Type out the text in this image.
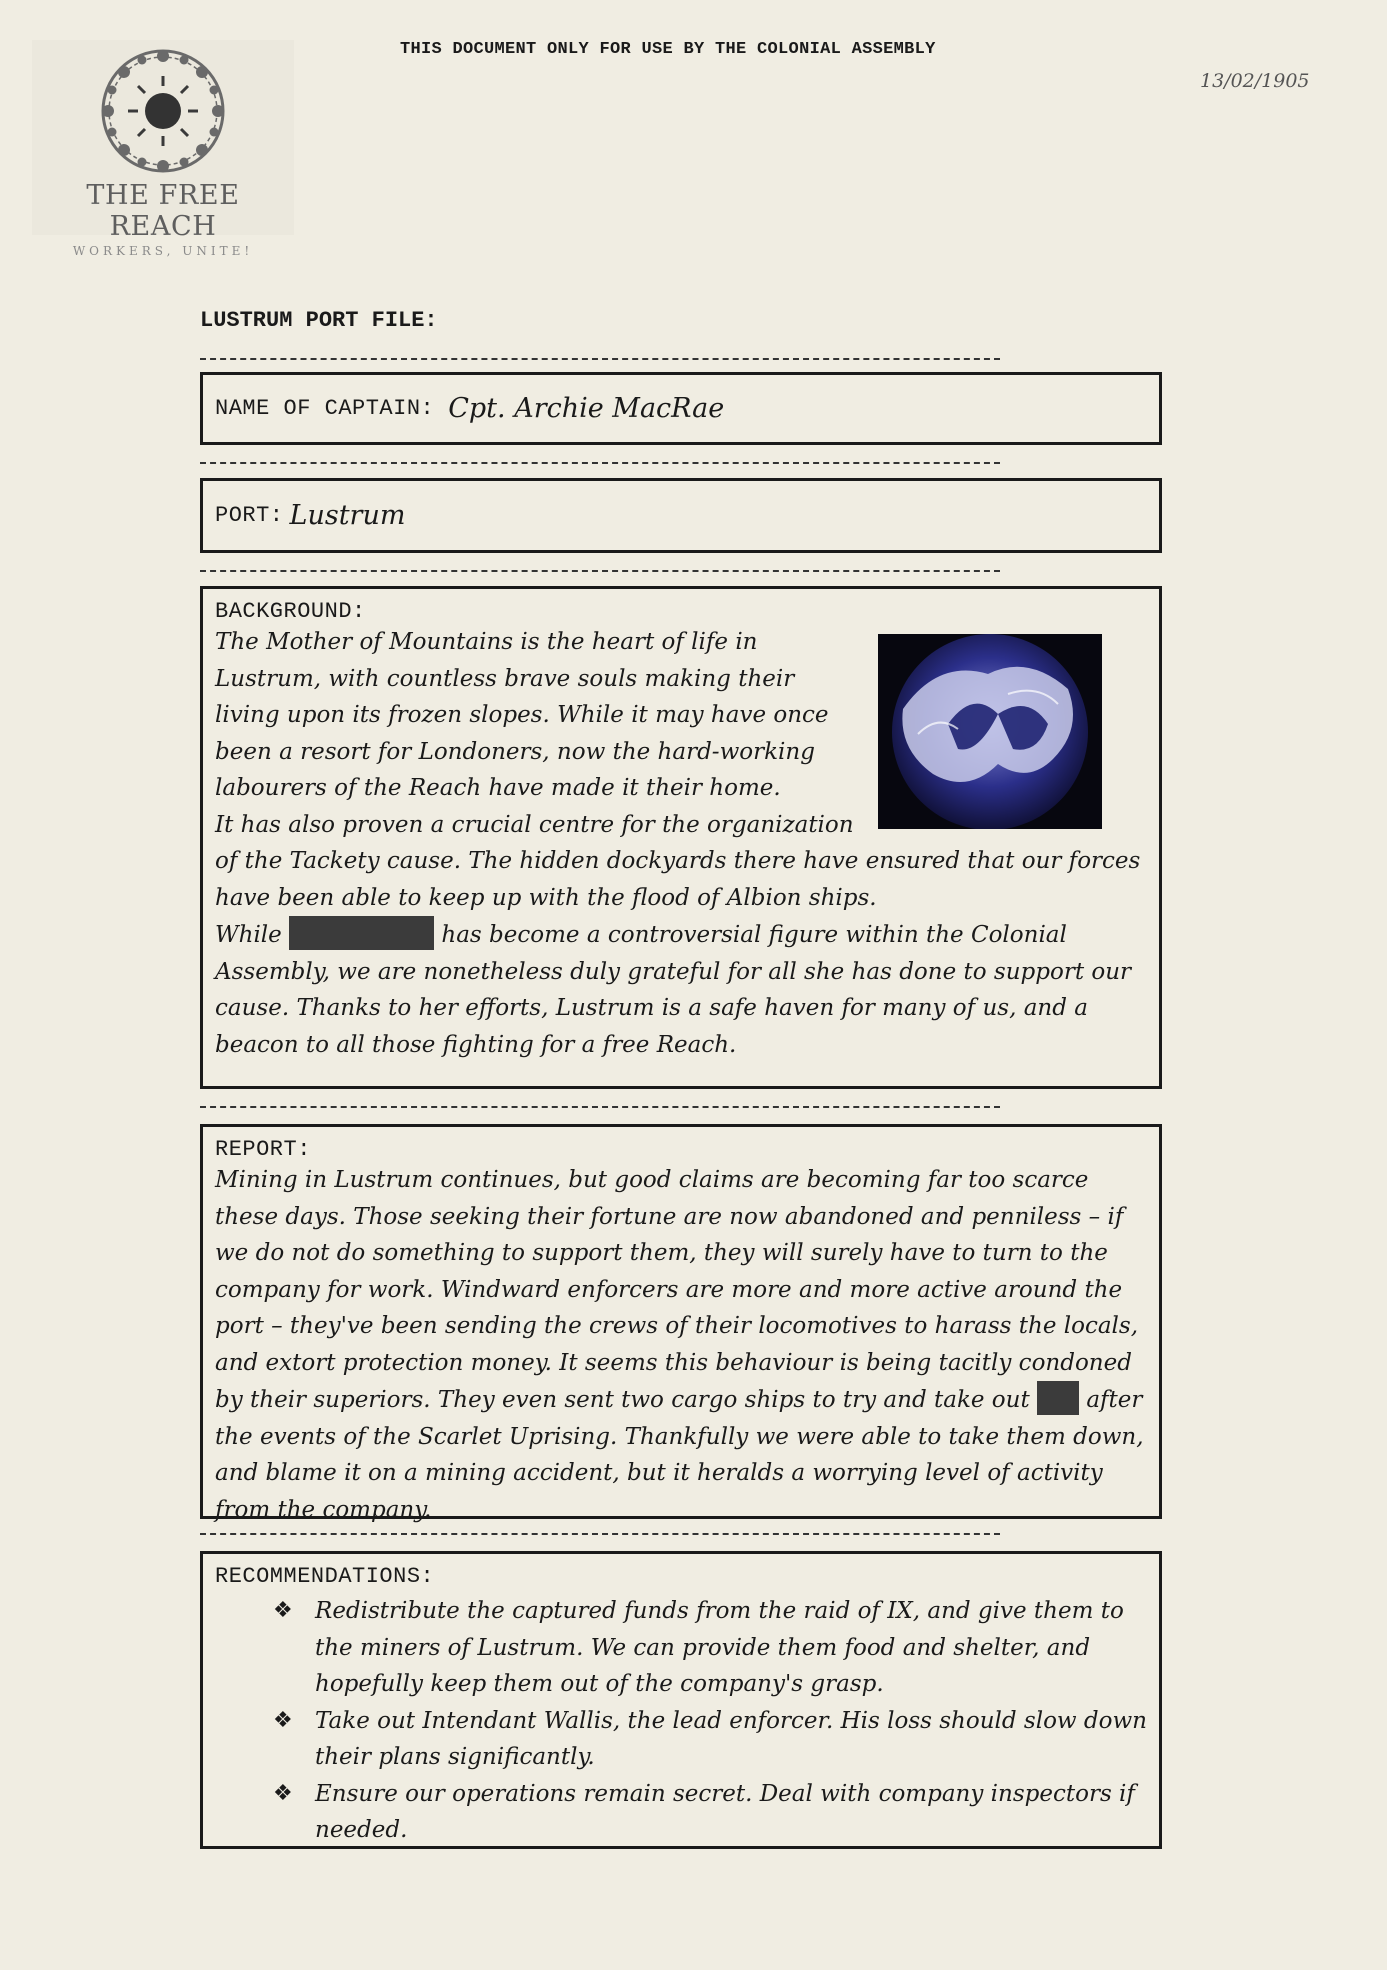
THIS DOCUMENT ONLY FOR USE BY THE COLONIAL ASSEMBLY
13/02/1905
THE FREE REACH
WORKERS, UNITE!
LUSTRUM PORT FILE:
NAME OF CAPTAIN: Cpt. Archie MacRae
PORT: Lustrum
BACKGROUND:

The Mother of Mountains is the heart of life in Lustrum, with countless brave souls making their living upon its frozen slopes. While it may have once been a resort for Londoners, now the hard-working labourers of the Reach have made it their home.

It has also proven a crucial centre for the organization of the Tackety cause. The hidden dockyards there have ensured that our forces have been able to keep up with the flood of Albion ships.

While	has become a controversial figure within the Colonial Assembly, we are nonetheless duly grateful for all she has done to support our cause. Thanks to her efforts, Lustrum is a safe haven for many of us, and a beacon to all those fighting for a free Reach.

REPORT:

Mining in Lustrum continues, but good claims are becoming far too scarce these days. Those seeking their fortune are now abandoned and penniless – if we do not do something to support them, they will surely have to turn to the company for work. Windward enforcers are more and more active around the port – they've been sending the crews of their locomotives to harass the locals, and extort protection money. It seems this behaviour is being tacitly condoned by their superiors. They even sent two cargo ships to try and take out after the events of the Scarlet Uprising. Thankfully we were able to take them down, and blame it on a mining accident, but it heralds a worrying level of activity from the company.

RECOMMENDATIONS:
❖ Redistribute the captured funds from the raid of IX, and give them to the miners of Lustrum. We can provide them food and shelter, and hopefully keep them out of the company's grasp.
❖ Take out Intendant Wallis, the lead enforcer. His loss should slow down their plans significantly.
❖ Ensure our operations remain secret. Deal with company inspectors if needed.
